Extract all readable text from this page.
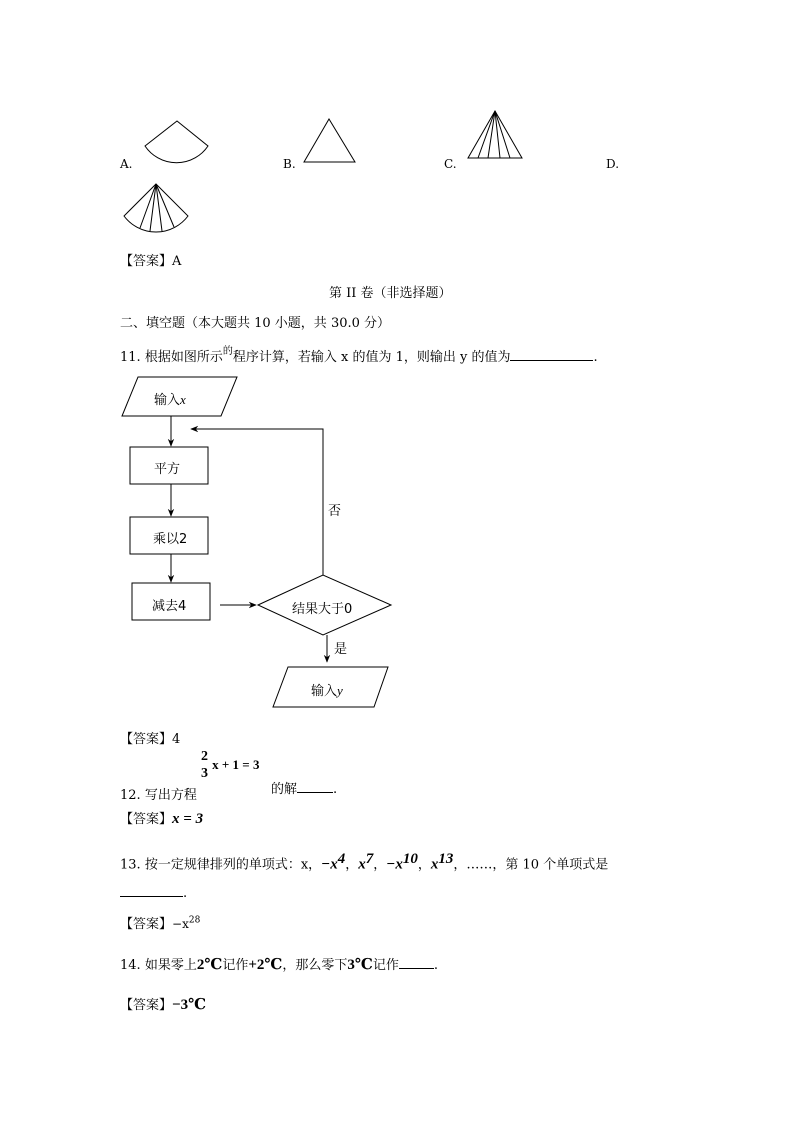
A.	B.	C.	D.
【答案】A
第 II 卷（非选择题）
二、填空题（本大题共 10 小题，共 30.0 分）
11. 根据如图所示$^的$程序计算，若输入 x 的值为 1，则输出 y 的值为	.
输入x
平方
乘以2
减去4	结果大于0
否
是
输入y
【答案】4
12. 写出方程
2
3
x + 1 = 3
的解	.
【答案】x = 3
13. 按一定规律排列的单项式：x，$-x^4$，$x^7$，$-x^{10}$，$x^{13}$，……，第 10 个单项式是
.
【答案】$-x^{28}$
14. 如果零上2℃记作+2℃，那么零下3℃记作	.
【答案】−3℃
